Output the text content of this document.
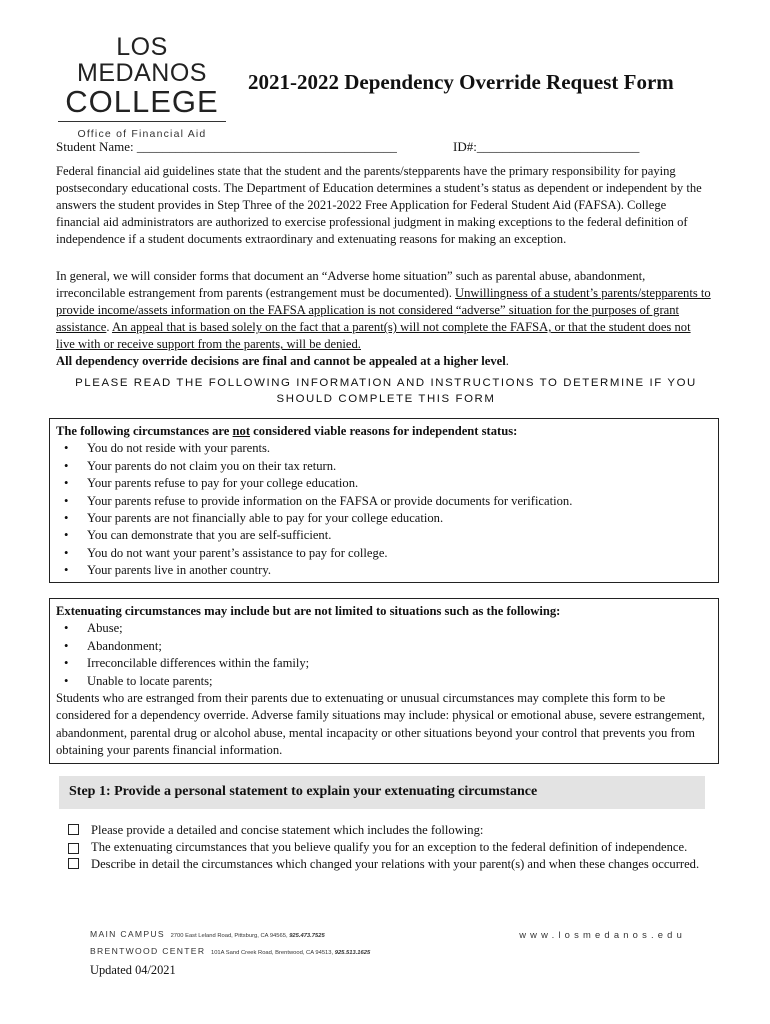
LOS MEDANOS
COLLEGE
Office of Financial Aid
2021-2022 Dependency Override Request Form
Student Name: ________________________________________	ID#:_________________________

Federal financial aid guidelines state that the student and the parents/stepparents have the primary responsibility for paying postsecondary educational costs. The Department of Education determines a student’s status as dependent or independent by the answers the student provides in Step Three of the 2021-2022 Free Application for Federal Student Aid (FAFSA). College financial aid administrators are authorized to exercise professional judgment in making exceptions to the federal definition of independence if a student documents extraordinary and extenuating reasons for making an exception.

In general, we will consider forms that document an “Adverse home situation” such as parental abuse, abandonment, irreconcilable estrangement from parents (estrangement must be documented). Unwillingness of a student’s parents/stepparents to provide income/assets information on the FAFSA application is not considered “adverse” situation for the purposes of grant assistance. An appeal that is based solely on the fact that a parent(s) will not complete the FAFSA, or that the student does not live with or receive support from the parents, will be denied.
All dependency override decisions are final and cannot be appealed at a higher level.

PLEASE READ THE FOLLOWING INFORMATION AND INSTRUCTIONS TO DETERMINE IF YOU SHOULD COMPLETE THIS FORM
The following circumstances are not considered viable reasons for independent status:
• You do not reside with your parents.
• Your parents do not claim you on their tax return.
• Your parents refuse to pay for your college education.
• Your parents refuse to provide information on the FAFSA or provide documents for verification.
• Your parents are not financially able to pay for your college education.
• You can demonstrate that you are self-sufficient.
• You do not want your parent’s assistance to pay for college.
• Your parents live in another country.
Extenuating circumstances may include but are not limited to situations such as the following:
• Abuse;
• Abandonment;
• Irreconcilable differences within the family;
• Unable to locate parents;

Students who are estranged from their parents due to extenuating or unusual circumstances may complete this form to be considered for a dependency override. Adverse family situations may include: physical or emotional abuse, severe estrangement, abandonment, parental drug or alcohol abuse, mental incapacity or other situations beyond your control that prevents you from obtaining your parents financial information.

Step 1: Provide a personal statement to explain your extenuating circumstance
Please provide a detailed and concise statement which includes the following:
The extenuating circumstances that you believe qualify you for an exception to the federal definition of independence.
Describe in detail the circumstances which changed your relations with your parent(s) and when these changes occurred.
MAIN CAMPUS 2700 East Leland Road, Pittsburg, CA 94565, 925.473.7525	www.losmedanos.edu
BRENTWOOD CENTER 101A Sand Creek Road, Brentwood, CA 94513, 925.513.1625
Updated 04/2021
